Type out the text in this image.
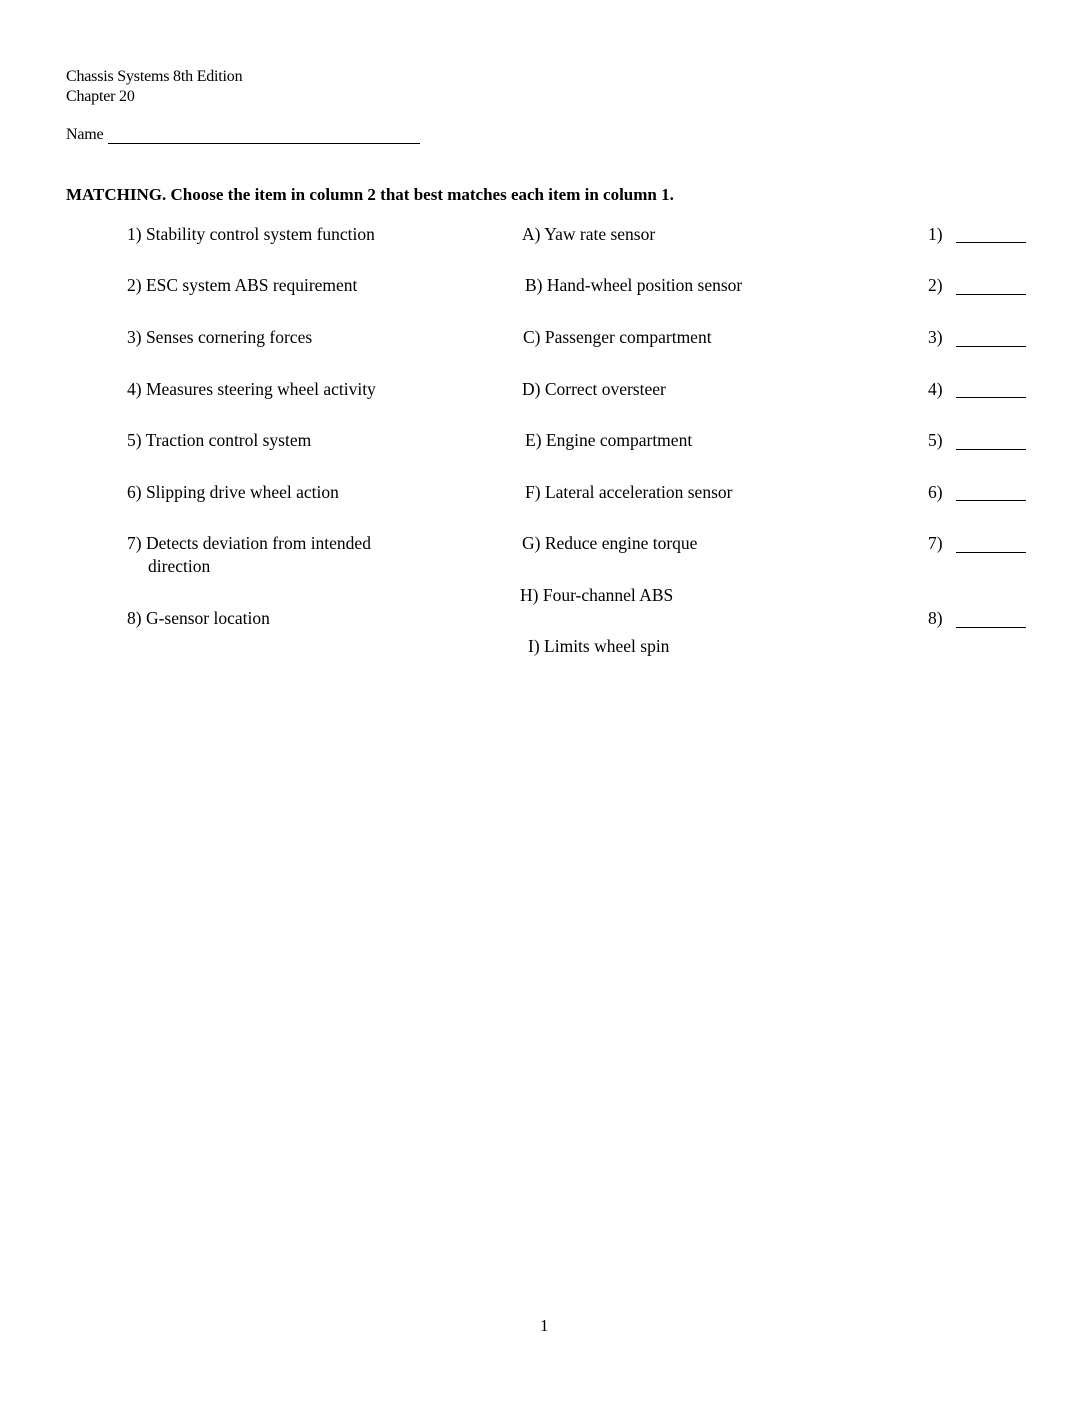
Chassis Systems 8th Edition
Chapter 20
Name
MATCHING. Choose the item in column 2 that best matches each item in column 1.
1) Stability control system function
2) ESC system ABS requirement
3) Senses cornering forces
4) Measures steering wheel activity
5) Traction control system
6) Slipping drive wheel action
7) Detects deviation from intended
direction
8) G-sensor location
A) Yaw rate sensor
B) Hand-wheel position sensor
C) Passenger compartment
D) Correct oversteer
E) Engine compartment
F) Lateral acceleration sensor
G) Reduce engine torque
H) Four-channel ABS
I) Limits wheel spin
1)
2)
3)
4)
5)
6)
7)
8)
1
